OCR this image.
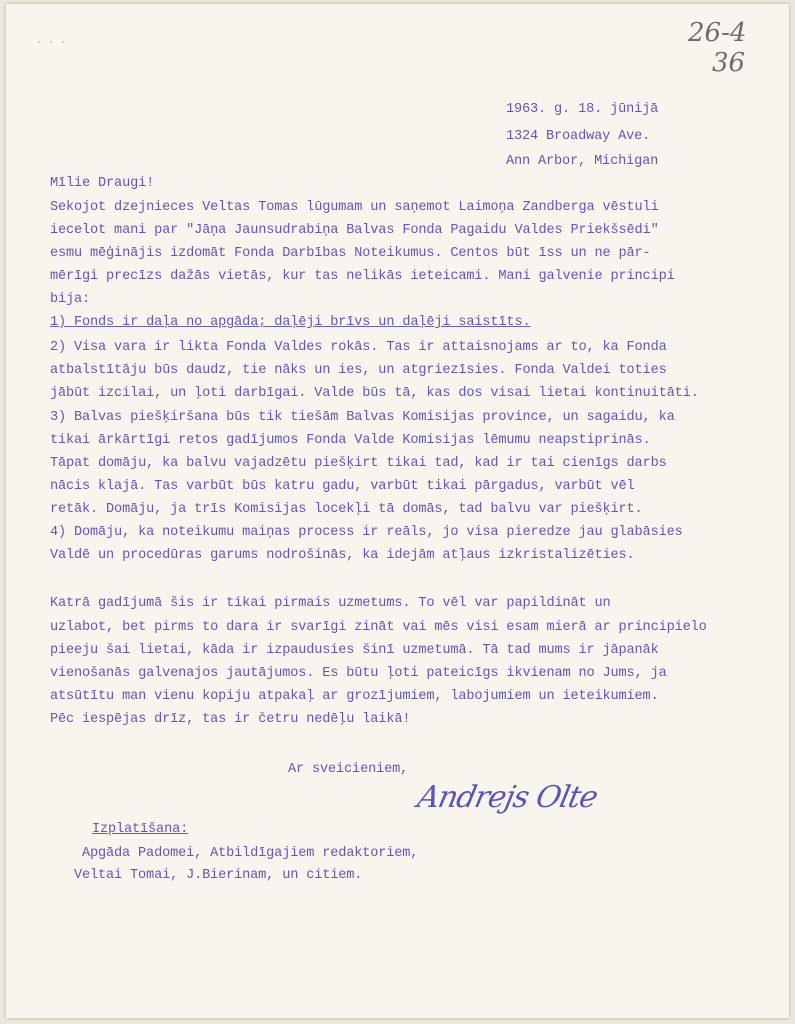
· · ·	26-4
36
1963. g. 18. jūnijā
1324 Broadway Ave.
Ann Arbor, Michigan
Mīlie Draugi!
Sekojot dzejnieces Veltas Tomas lūgumam un saņemot Laimoņa Zandberga vēstuli
iecelot mani par "Jāņa Jaunsudrabiņa Balvas Fonda Pagaidu Valdes Priekšsēdi"
esmu mēģinājis izdomāt Fonda Darbības Noteikumus. Centos būt īss un ne pār-
mērīgi precīzs dažās vietās, kur tas nelikās ieteicami. Mani galvenie principi
bija:
1) Fonds ir daļa no apgāda; daļēji brīvs un daļēji saistīts.
2) Visa vara ir likta Fonda Valdes rokās. Tas ir attaisnojams ar to, ka Fonda
atbalstītāju būs daudz, tie nāks un ies, un atgriezīsies. Fonda Valdei toties
jābūt izcilai, un ļoti darbīgai. Valde būs tā, kas dos visai lietai kontinuitāti.
3) Balvas piešķiršana būs tik tiešām Balvas Komisijas province, un sagaidu, ka
tikai ārkārtīgi retos gadījumos Fonda Valde Komisijas lēmumu neapstiprinās.
Tāpat domāju, ka balvu vajadzētu piešķirt tikai tad, kad ir tai cienīgs darbs
nācis klajā. Tas varbūt būs katru gadu, varbūt tikai pārgadus, varbūt vēl
retāk. Domāju, ja trīs Komisijas locekļi tā domās, tad balvu var piešķirt.
4) Domāju, ka noteikumu maiņas process ir reāls, jo visa pieredze jau glabāsies
Valdē un procedūras garums nodrošinās, ka idejām atļaus izkristalizēties.
Katrā gadījumā šis ir tikai pirmais uzmetums. To vēl var papildināt un
uzlabot, bet pirms to dara ir svarīgi zināt vai mēs visi esam mierā ar principielo
pieeju šai lietai, kāda ir izpaudusies šinī uzmetumā. Tā tad mums ir jāpanāk
vienošanās galvenajos jautājumos. Es būtu ļoti pateicīgs ikvienam no Jums, ja
atsūtītu man vienu kopiju atpakaļ ar grozījumiem, labojumiem un ieteikumiem.
Pēc iespējas drīz, tas ir četru nedēļu laikā!
Ar sveicieniem,
Andrejs Olte
Izplatīšana:
Apgāda Padomei, Atbildīgajiem redaktoriem,
Veltai Tomai, J.Bierinam, un citiem.
